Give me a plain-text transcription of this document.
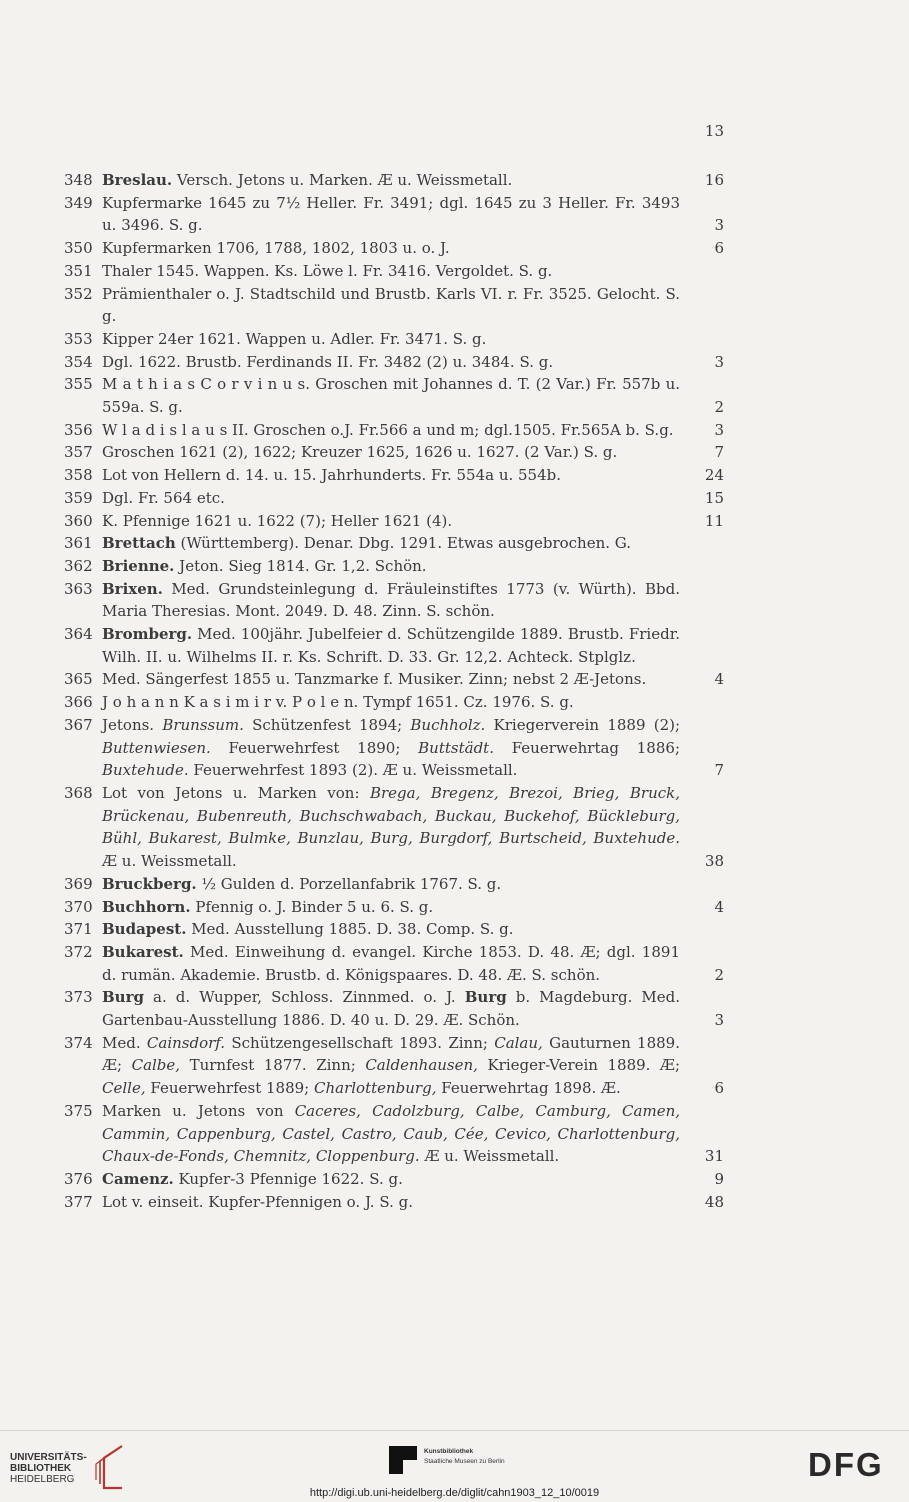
13
348 Breslau. Versch. Jetons u. Marken. Æ u. Weissmetall.	16
349 Kupfermarke 1645 zu 7½ Heller. Fr. 3491; dgl. 1645 zu 3 Heller. Fr. 3493 u. 3496. S. g.	3
350 Kupfermarken 1706, 1788, 1802, 1803 u. o. J.	6
351 Thaler 1545. Wappen. Ks. Löwe l. Fr. 3416. Vergoldet. S. g.
352 Prämienthaler o. J. Stadtschild und Brustb. Karls VI. r. Fr. 3525. Gelocht. S. g.
353 Kipper 24er 1621. Wappen u. Adler. Fr. 3471. S. g.
354 Dgl. 1622. Brustb. Ferdinands II. Fr. 3482 (2) u. 3484. S. g.	3
355 M a t h i a s C o r v i n u s. Groschen mit Johannes d. T. (2 Var.) Fr. 557b u. 559a. S. g.	2
356 W l a d i s l a u s II. Groschen o.J. Fr.566 a und m; dgl.1505. Fr.565A b. S.g.	3
357 Groschen 1621 (2), 1622; Kreuzer 1625, 1626 u. 1627. (2 Var.) S. g.	7
358 Lot von Hellern d. 14. u. 15. Jahrhunderts. Fr. 554a u. 554b.	24
359 Dgl. Fr. 564 etc.	15
360 K. Pfennige 1621 u. 1622 (7); Heller 1621 (4).	11
361 Brettach (Württemberg). Denar. Dbg. 1291. Etwas ausgebrochen. G.
362 Brienne. Jeton. Sieg 1814. Gr. 1,2. Schön.
363 Brixen. Med. Grundsteinlegung d. Fräuleinstiftes 1773 (v. Würth). Bbd. Maria Theresias. Mont. 2049. D. 48. Zinn. S. schön.
364 Bromberg. Med. 100jähr. Jubelfeier d. Schützengilde 1889. Brustb. Friedr. Wilh. II. u. Wilhelms II. r. Ks. Schrift. D. 33. Gr. 12,2. Achteck. Stplglz.
365 Med. Sängerfest 1855 u. Tanzmarke f. Musiker. Zinn; nebst 2 Æ-Jetons.	4
366 J o h a n n K a s i m i r v. P o l e n. Tympf 1651. Cz. 1976. S. g.
367 Jetons. Brunssum. Schützenfest 1894; Buchholz. Kriegerverein 1889 (2); Buttenwiesen. Feuerwehrfest 1890; Buttstädt. Feuerwehrtag 1886; Buxtehude. Feuerwehrfest 1893 (2). Æ u. Weissmetall.	7
368 Lot von Jetons u. Marken von: Brega, Bregenz, Brezoi, Brieg, Bruck, Brückenau, Bubenreuth, Buchschwabach, Buckau, Buckehof, Bückleburg, Bühl, Bukarest, Bulmke, Bunzlau, Burg, Burgdorf, Burtscheid, Buxtehude. Æ u. Weissmetall.	38
369 Bruckberg. ½ Gulden d. Porzellanfabrik 1767. S. g.
370 Buchhorn. Pfennig o. J. Binder 5 u. 6. S. g.	4
371 Budapest. Med. Ausstellung 1885. D. 38. Comp. S. g.
372 Bukarest. Med. Einweihung d. evangel. Kirche 1853. D. 48. Æ; dgl. 1891 d. rumän. Akademie. Brustb. d. Königspaares. D. 48. Æ. S. schön.	2
373 Burg a. d. Wupper, Schloss. Zinnmed. o. J. Burg b. Magdeburg. Med. Gartenbau-Ausstellung 1886. D. 40 u. D. 29. Æ. Schön.	3
374 Med. Cainsdorf. Schützengesellschaft 1893. Zinn; Calau, Gauturnen 1889. Æ; Calbe, Turnfest 1877. Zinn; Caldenhausen, Krieger-Verein 1889. Æ; Celle, Feuerwehrfest 1889; Charlottenburg, Feuerwehrtag 1898. Æ.	6
375 Marken u. Jetons von Caceres, Cadolzburg, Calbe, Camburg, Camen, Cammin, Cappenburg, Castel, Castro, Caub, Cée, Cevico, Charlottenburg, Chaux-de-Fonds, Chemnitz, Cloppenburg. Æ u. Weissmetall.	31
376 Camenz. Kupfer-3 Pfennige 1622. S. g.	9
377 Lot v. einseit. Kupfer-Pfennigen o. J. S. g.	48
UNIVERSITÄTS-
BIBLIOTHEK
HEIDELBERG
Kunstbibliothek
Staatliche Museen zu Berlin	DFG
http://digi.ub.uni-heidelberg.de/diglit/cahn1903_12_10/0019
